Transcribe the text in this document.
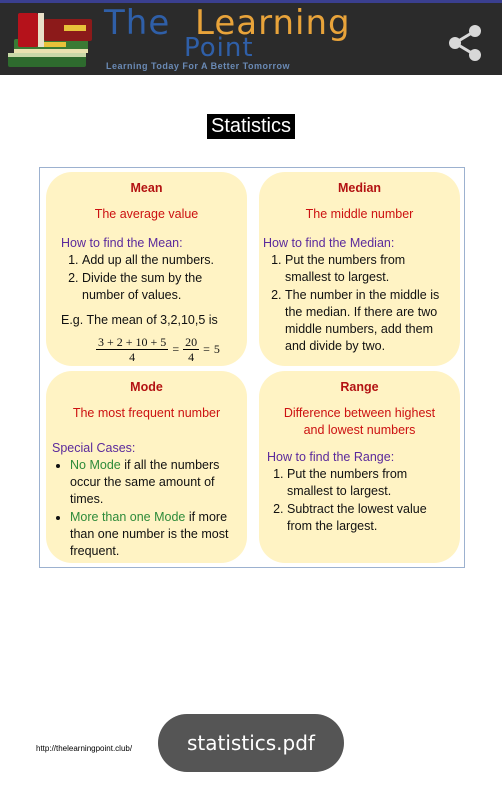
The Learning
Point
Learning Today For A Better Tomorrow
Statistics
Mean
The average value
How to find the Mean:
1. Add up all the numbers.
2. Divide the sum by the number of values.
E.g. The mean of 3,2,10,5 is
$\frac{3 + 2 + 10 + 5}{4} = \frac{20}{4} = 5$
Median
The middle number
How to find the Median:
1. Put the numbers from smallest to largest.
2. The number in the middle is the median. If there are two middle numbers, add them and divide by two.
Mode
The most frequent number
Special Cases:
• No Mode if all the numbers occur the same amount of times.
• More than one Mode if more than one number is the most frequent.
Range
Difference between highest and lowest numbers
How to find the Range:
1. Put the numbers from smallest to largest.
2. Subtract the lowest value from the largest.
http://thelearningpoint.club/	statistics.pdf
